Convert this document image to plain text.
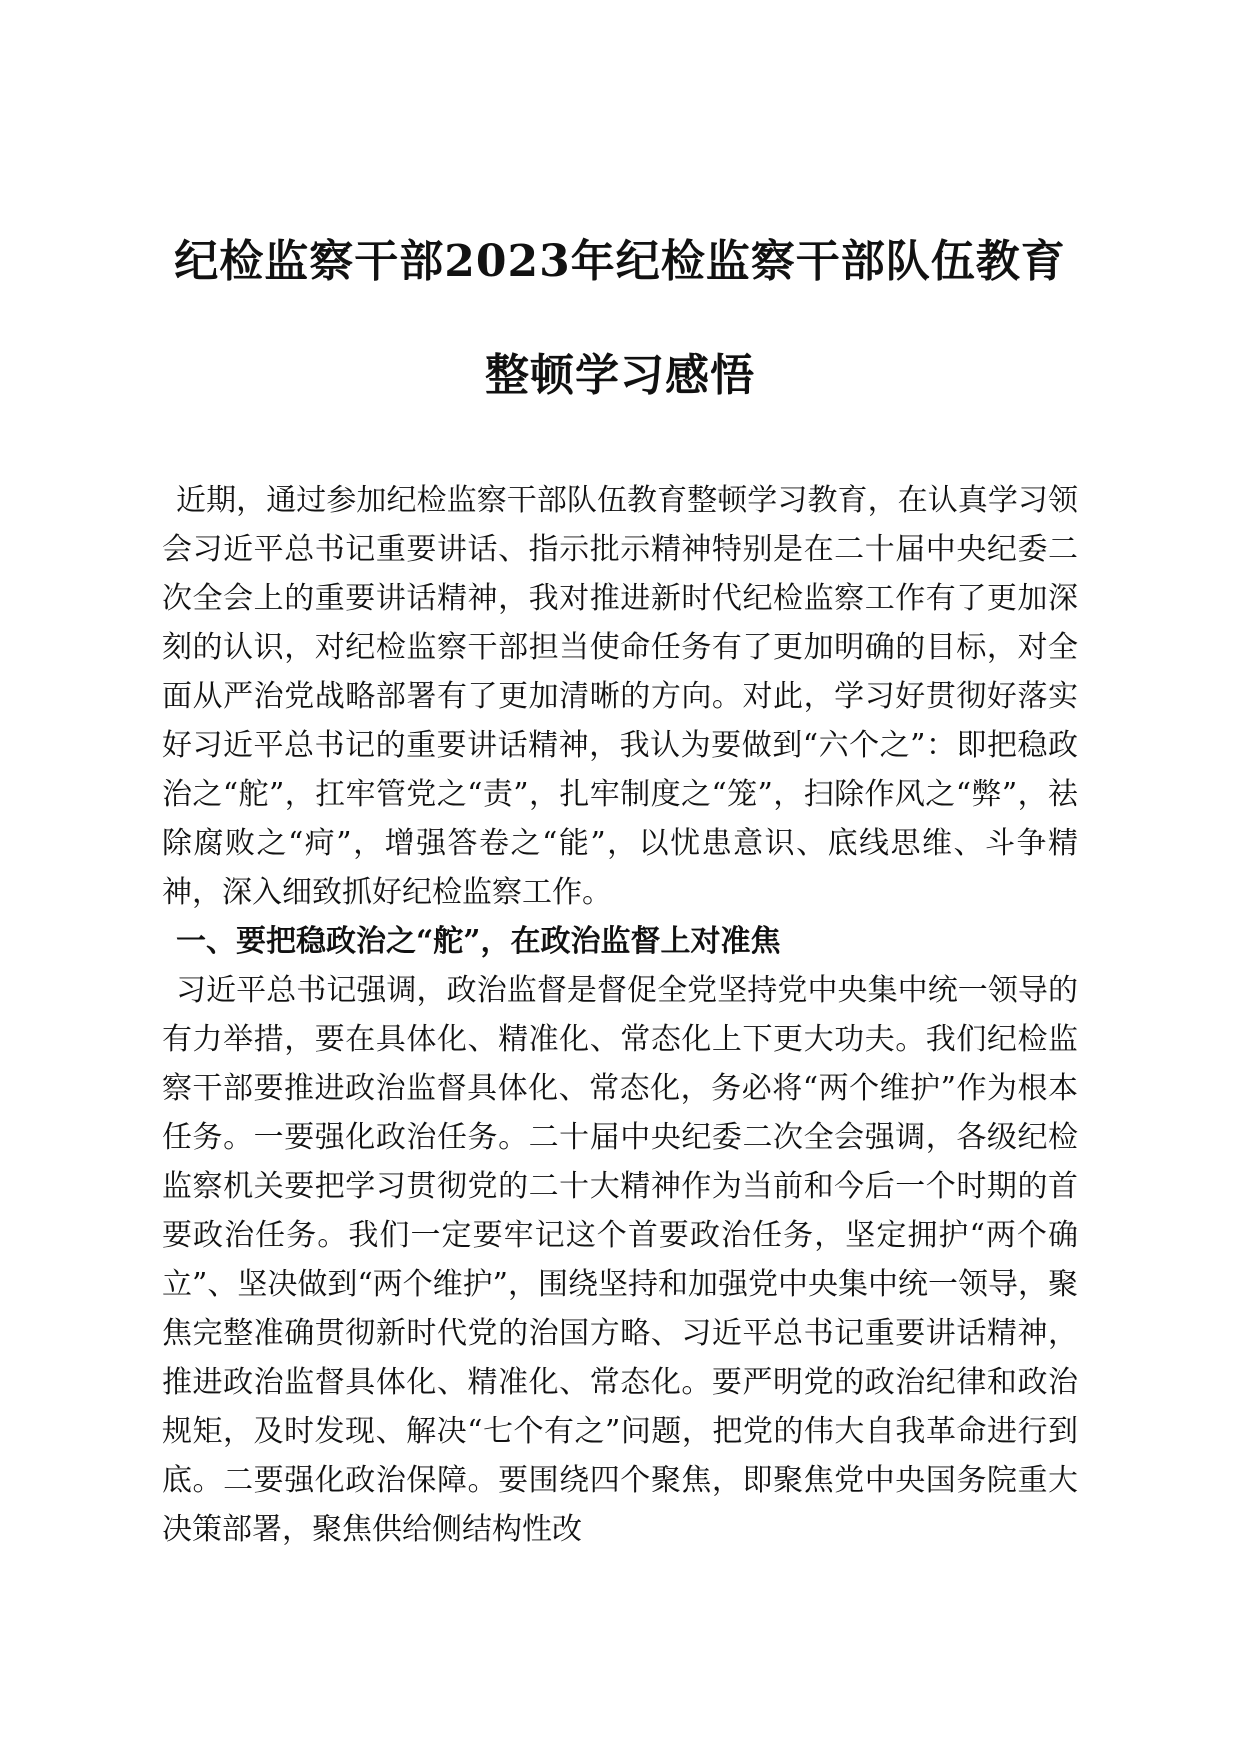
纪检监察干部2023年纪检监察干部队伍教育
整顿学习感悟

近期，通过参加纪检监察干部队伍教育整顿学习教育，在认真学习领会习近平总书记重要讲话、指示批示精神特别是在二十届中央纪委二次全会上的重要讲话精神，我对推进新时代纪检监察工作有了更加深刻的认识，对纪检监察干部担当使命任务有了更加明确的目标，对全面从严治党战略部署有了更加清晰的方向。对此，学习好贯彻好落实好习近平总书记的重要讲话精神，我认为要做到“六个之”：即把稳政治之“舵”，扛牢管党之“责”，扎牢制度之“笼”，扫除作风之“弊”，祛除腐败之“疴”，增强答卷之“能”，以忧患意识、底线思维、斗争精神，深入细致抓好纪检监察工作。

一、要把稳政治之“舵”，在政治监督上对准焦

习近平总书记强调，政治监督是督促全党坚持党中央集中统一领导的有力举措，要在具体化、精准化、常态化上下更大功夫。我们纪检监察干部要推进政治监督具体化、常态化，务必将“两个维护”作为根本任务。一要强化政治任务。二十届中央纪委二次全会强调，各级纪检监察机关要把学习贯彻党的二十大精神作为当前和今后一个时期的首要政治任务。我们一定要牢记这个首要政治任务，坚定拥护“两个确立”、坚决做到“两个维护”，围绕坚持和加强党中央集中统一领导，聚焦完整准确贯彻新时代党的治国方略、习近平总书记重要讲话精神，推进政治监督具体化、精准化、常态化。要严明党的政治纪律和政治规矩，及时发现、解决“七个有之”问题，把党的伟大自我革命进行到底。二要强化政治保障。要围绕四个聚焦，即聚焦党中央国务院重大决策部署，聚焦供给侧结构性改
